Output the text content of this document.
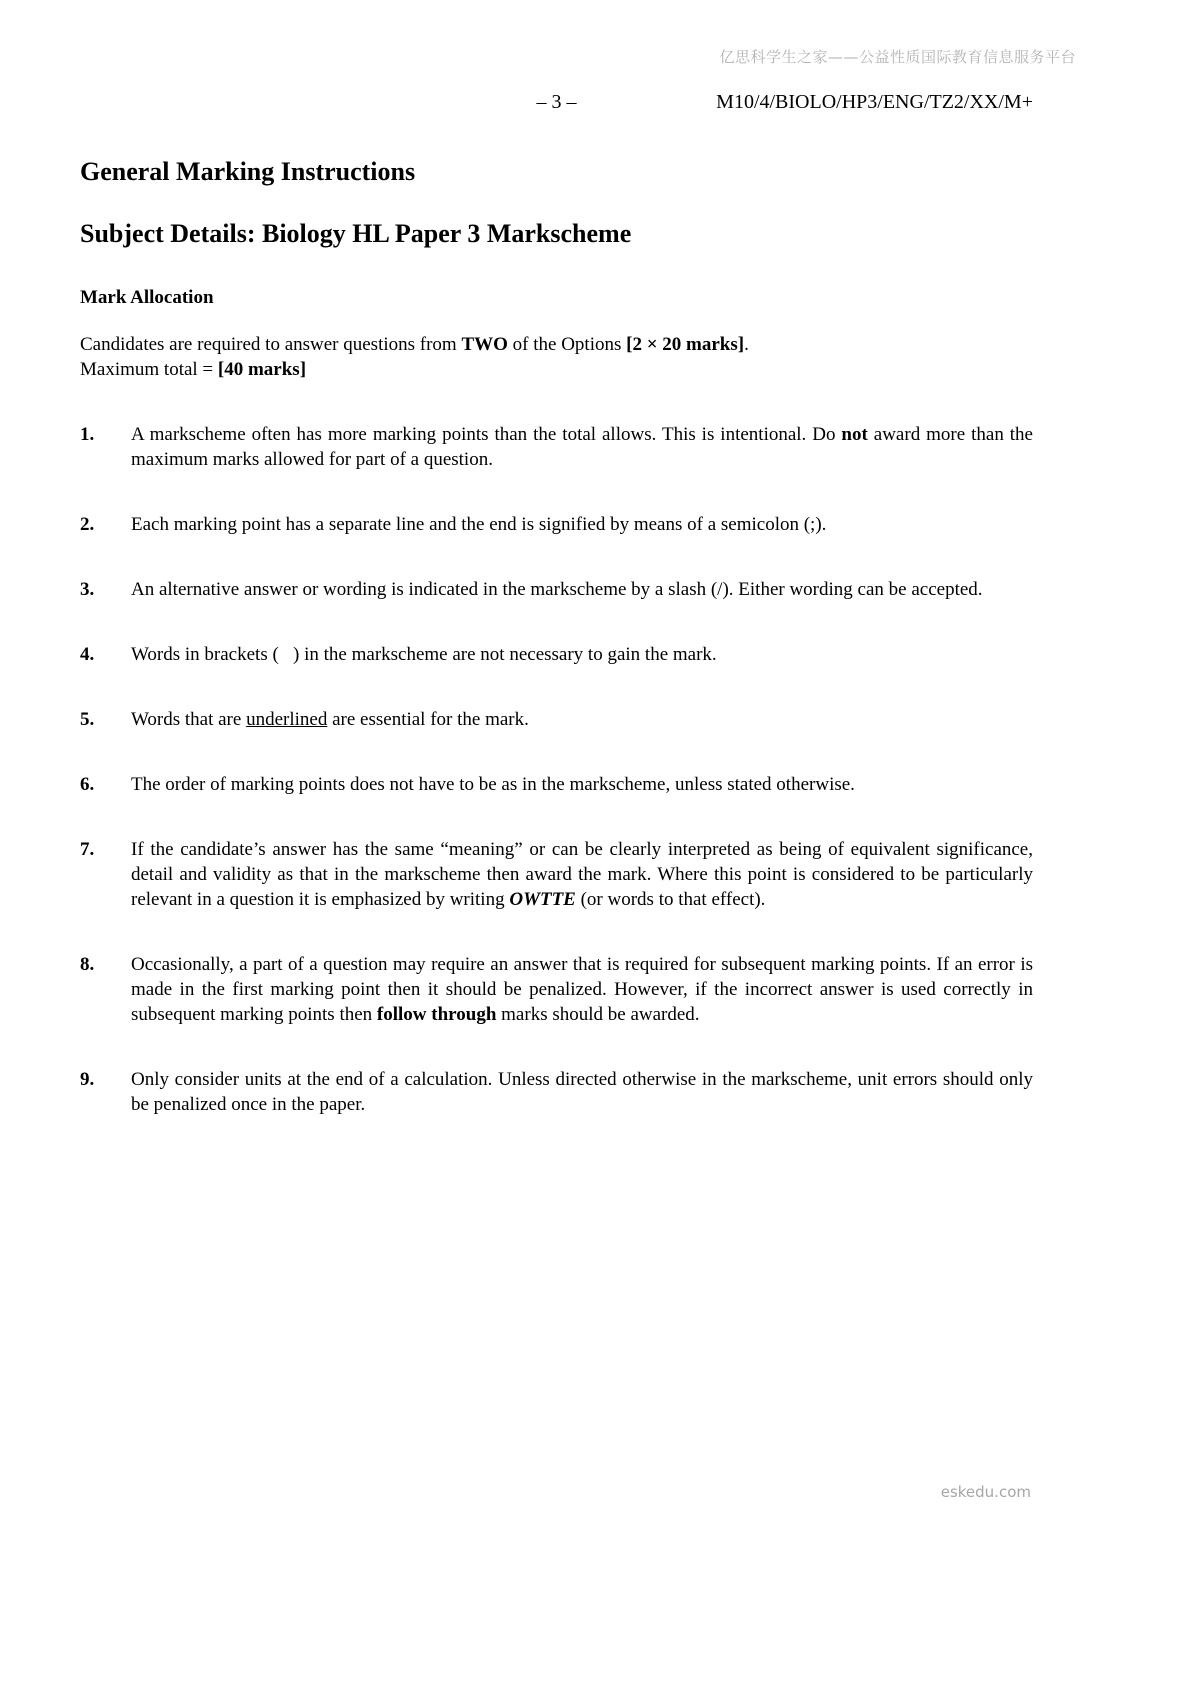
亿思科学生之家——公益性质国际教育信息服务平台
– 3 –	M10/4/BIOLO/HP3/ENG/TZ2/XX/M+
General Marking Instructions
Subject Details: Biology HL Paper 3 Markscheme
Mark Allocation

Candidates are required to answer questions from TWO of the Options [2 × 20 marks].

Maximum total = [40 marks]

1.	A markscheme often has more marking points than the total allows. This is intentional. Do not award more than the maximum marks allowed for part of a question.
2.	Each marking point has a separate line and the end is signified by means of a semicolon (;).
3.	An alternative answer or wording is indicated in the markscheme by a slash (/). Either wording can be accepted.
4.	Words in brackets (   ) in the markscheme are not necessary to gain the mark.
5.	Words that are underlined are essential for the mark.
6.	The order of marking points does not have to be as in the markscheme, unless stated otherwise.
7.	If the candidate’s answer has the same “meaning” or can be clearly interpreted as being of equivalent significance, detail and validity as that in the markscheme then award the mark. Where this point is considered to be particularly relevant in a question it is emphasized by writing OWTTE (or words to that effect).
8.	Occasionally, a part of a question may require an answer that is required for subsequent marking points. If an error is made in the first marking point then it should be penalized. However, if the incorrect answer is used correctly in subsequent marking points then follow through marks should be awarded.
9.	Only consider units at the end of a calculation. Unless directed otherwise in the markscheme, unit errors should only be penalized once in the paper.
eskedu.com
